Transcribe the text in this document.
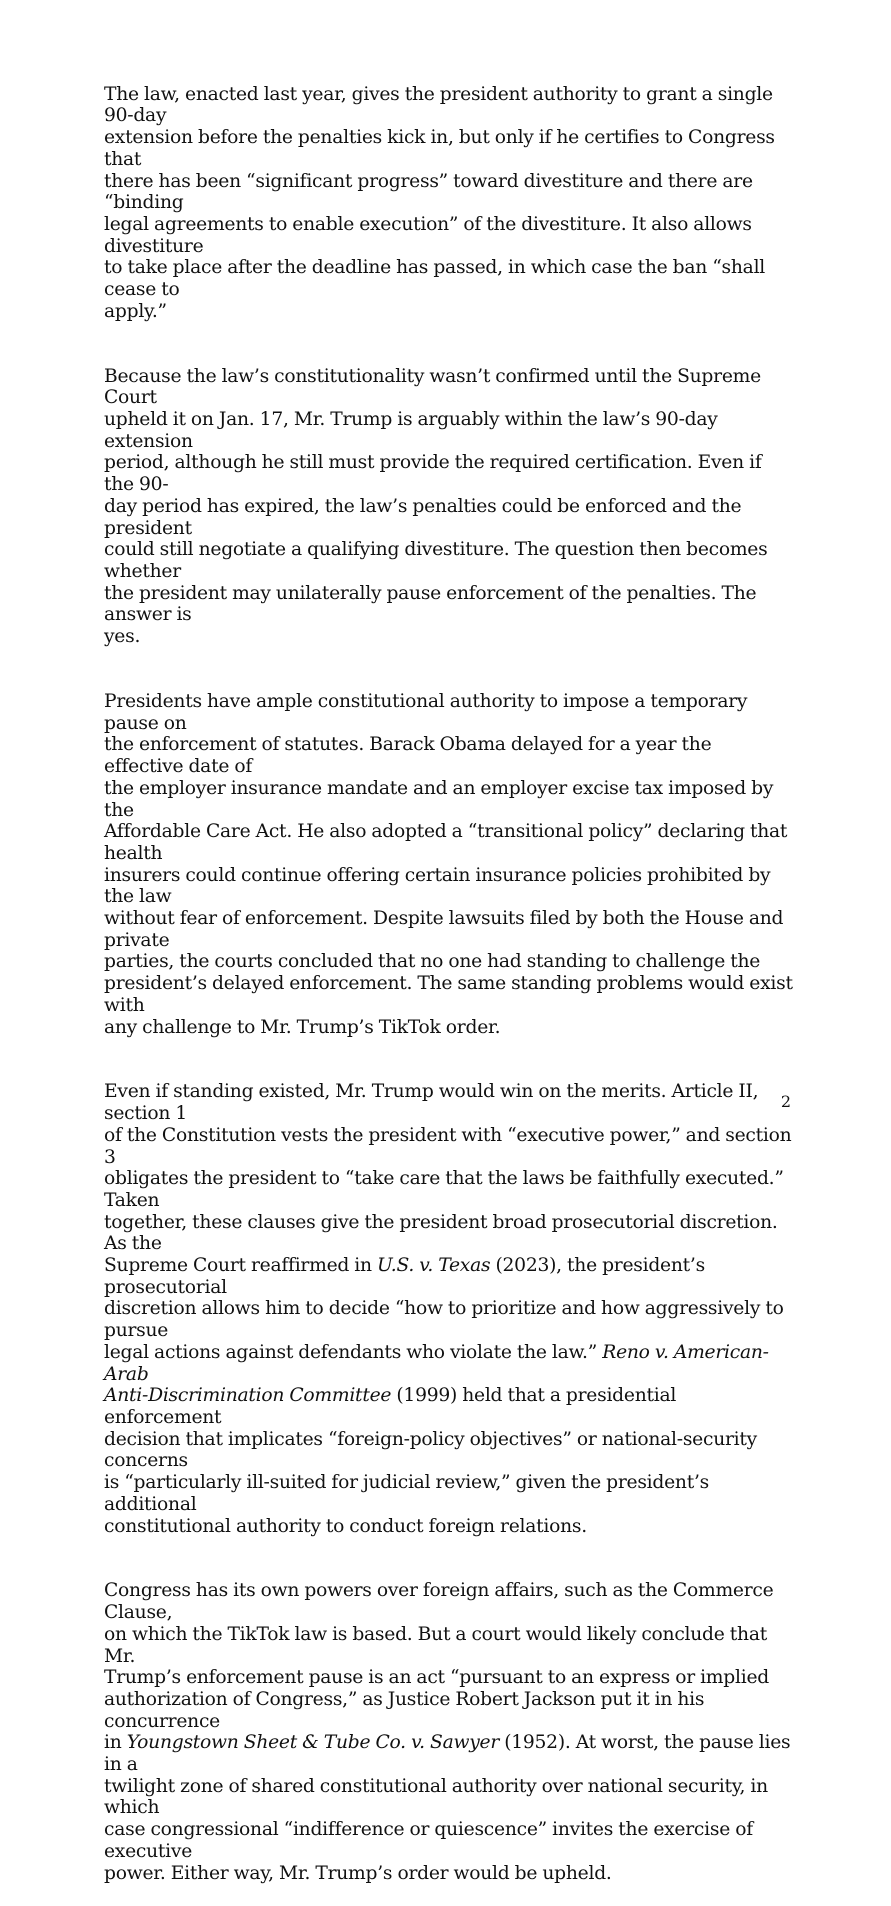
The law, enacted last year, gives the president authority to grant a single 90-day
extension before the penalties kick in, but only if he certifies to Congress that
there has been “significant progress” toward divestiture and there are “binding
legal agreements to enable execution” of the divestiture. It also allows divestiture
to take place after the deadline has passed, in which case the ban “shall cease to
apply.”

Because the law’s constitutionality wasn’t confirmed until the Supreme Court
upheld it on Jan. 17, Mr. Trump is arguably within the law’s 90-day extension
period, although he still must provide the required certification. Even if the 90-
day period has expired, the law’s penalties could be enforced and the president
could still negotiate a qualifying divestiture. The question then becomes whether
the president may unilaterally pause enforcement of the penalties. The answer is
yes.

Presidents have ample constitutional authority to impose a temporary pause on
the enforcement of statutes. Barack Obama delayed for a year the effective date of
the employer insurance mandate and an employer excise tax imposed by the
Affordable Care Act. He also adopted a “transitional policy” declaring that health
insurers could continue offering certain insurance policies prohibited by the law
without fear of enforcement. Despite lawsuits filed by both the House and private
parties, the courts concluded that no one had standing to challenge the
president’s delayed enforcement. The same standing problems would exist with
any challenge to Mr. Trump’s TikTok order.

Even if standing existed, Mr. Trump would win on the merits. Article II, section 1
of the Constitution vests the president with “executive power,” and section 3
obligates the president to “take care that the laws be faithfully executed.” Taken
together, these clauses give the president broad prosecutorial discretion. As the
Supreme Court reaffirmed in U.S. v. Texas (2023), the president’s prosecutorial
discretion allows him to decide “how to prioritize and how aggressively to pursue
legal actions against defendants who violate the law.” Reno v. American-Arab
Anti-Discrimination Committee (1999) held that a presidential enforcement
decision that implicates “foreign-policy objectives” or national-security concerns
is “particularly ill-suited for judicial review,” given the president’s additional
constitutional authority to conduct foreign relations.

Congress has its own powers over foreign affairs, such as the Commerce Clause,
on which the TikTok law is based. But a court would likely conclude that Mr.
Trump’s enforcement pause is an act “pursuant to an express or implied
authorization of Congress,” as Justice Robert Jackson put it in his concurrence
in Youngstown Sheet & Tube Co. v. Sawyer (1952). At worst, the pause lies in a
twilight zone of shared constitutional authority over national security, in which
case congressional “indifference or quiescence” invites the exercise of executive
power. Either way, Mr. Trump’s order would be upheld.

2
